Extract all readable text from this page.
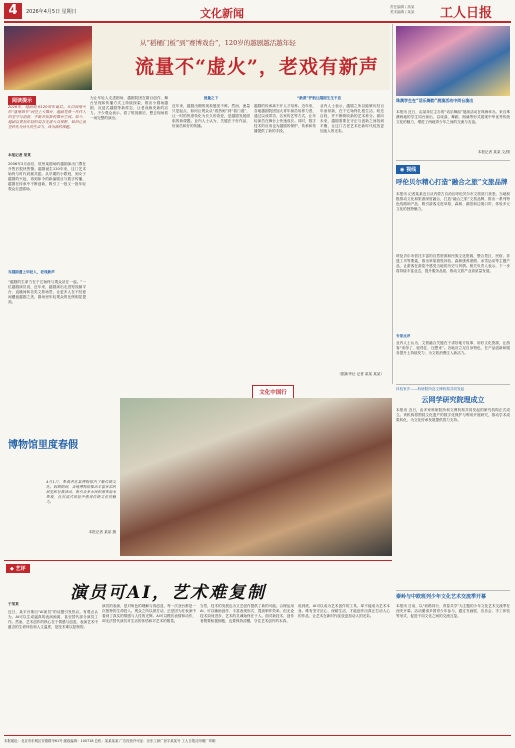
4	2026年4月5日 星期日	文化新闻	责任编辑 / 高某
美术编辑 / 某某 工人日报
从“稻桶门板”到“赛博戏台”，120岁的越剧越活越年轻
流量不“虚火”，老戏有新声
阅读提示
2026年，越剧迎来120周年诞辰。从田间地头的“落地唱书”到登上大舞台，越剧凭借一代代人的坚守与创新，不断开拓新的舞台空间。如今，越剧以更加年轻的姿态走进大众视野，如何让流量转化为持久的生命力，成为新的课题。
本报记者 某某
2006年3月前后，杭州某剧场的越剧演出门票在开售后很快售罄。越剧诞生120年来，这门艺术始终与时代同频共振。从早期的小歌班，到女子越剧的兴起，再到如今的新编剧目与数字传播，越剧在传承中不断创新，吸引了一批又一批年轻观众走进剧场。
当越剧遇上年轻人，老戏新声
“越剧的生命力在于它始终与观众站在一起。”一位越剧演员说，近年来，越剧演出走进短视频平台、直播间和各类文旅场景，让更多人在不经意间邂逅越剧之美，剧场里年轻观众的比例明显提高。
为让年轻人走进剧场，越剧院团在剧目创作、舞台呈现和传播方式上持续探索，推出小剧场越剧、沉浸式越剧等新样态，让老戏焕发新的活力。不少观众表示，看了短视频后，想去现场看一场完整的演出。
流量之下
近年来，越剧出圈的现象屡见不鲜。然而，流量只是起点，如何让观众从“看热闹”到“看门道”，让一时的热度转化为长久的喜爱，是越剧发展面临的新课题。业内人士认为，关键在于好作品、好演员和好的传播。
“新质”护航让越剧生生不息
越剧的传承离不开人才培养。近年来，各地越剧院团加大青年演员培养力度，通过以戏带功、名家传艺等方式，让年轻演员在舞台上快速成长。同时，数字技术的应用也为越剧的保护、传承和传播提供了新的手段。
业内人士表示，越剧之所以能够历经百年而常新，在于它始终扎根生活、贴近百姓，并不断吸收新的艺术养分。面向未来，越剧需要在守正与创新之间找到平衡，让这门古老艺术在新时代绽放更加迷人的光彩。
（据新华社 记者 某某 某某）
珠澳学生在“话乐舞韵”展演活动中同台演出
本报讯 近日，由某单位主办的“话乐舞韵”展演活动在珠海举办。来自珠澳两地的学生同台演出，以戏曲、舞蹈、朗诵等形式展现中华优秀传统文化的魅力，增进了两地青少年之间的交流与友谊。
本报记者 某某 文/图
◉ 视线
呼伦贝尔精心打造“融合之旅”文旅品牌
本报讯 记者某某近日从内蒙古自治区呼伦贝尔市文旅部门获悉，当地积极推动文化和旅游深度融合，打造“融合之旅”文旅品牌，推出一系列特色线路和产品，吸引游客走进草原、森林、湖泊和边境口岸，体验多元文化的独特魅力。
呼伦贝尔市依托丰富的自然资源和民族文化资源，整合景区、民宿、非遗工坊等要素，推出草原游牧体验、森林康养度假、冰雪运动等主题产品，让游客在游览中感受当地的历史与风情。相关负责人表示，下一步将持续丰富业态，提升服务品质，推动文旅产业高质量发展。
专家点评
业内人士认为，文旅融合关键在于讲好地方故事、用好文化资源，让游客“来得了、留得住、还想来”。各地应立足自身特色，在产品创新和服务提升上持续发力，为文旅消费注入新活力。
体验家乡——科研院所及文博机构共同发起
云网学研究院理成立
本报讯 近日，由多家科研院所和文博机构共同发起的研究机构正式成立。该机构将围绕文化遗产的数字化保护与利用开展研究，推动学术成果转化，为文化传承发展提供智力支持。
秦岭与中欧班列少年文化艺术交流季开幕
本报讯 日前，以“丝路同行、青春共享”为主题的少年文化艺术交流季在西安开幕。活动邀请多国青少年参与，通过书画展、音乐会、手工体验等形式，促进不同文化之间的交流互鉴。
文化中国行
博物馆里度春假
4月1日，参观者在某博物馆内了解传统文化。假期期间，各地博物馆推出丰富多彩的展览和社教活动，吸引众多市民和游客前来参观，在沉浸式体验中感受传统文化的魅力。
本报记者 某某 摄
◆ 艺评
演员可AI，艺术难复制
于某某
近日，某平台推出“AI演员”的话题引发热议。有观点认为，AI可以生成逼真的表演画面，甚至替代部分演员工作。然而，艺术创作的核心在于情感与创造，表演艺术中蕴含的生命体验和人文温度，是技术难以复制的。
演员的表演，是对角色的理解与再创造，每一次登台都是一次独特的生命投入。观众之所以被打动，正是因为在表演中看到了真实的情感与人性的光辉。AI可以模仿表情和动作，却无法替代演员对生活的体悟和对艺术的敬畏。
当然，技术的发展也为文艺创作提供了新的可能。合理运用AI，可以辅助创作、丰富表现形式、提高制作效率。但无论技术如何进步，艺术的灵魂始终在于人。面对新技术，创作者既要积极拥抱，也要保持清醒，守住艺术创作的本真。
说到底，AI可以成为艺术创作的工具，却不能成为艺术本身。唯有坚守匠心、深耕生活，才能创作出真正打动人心的作品，让艺术在新时代绽放更加动人的光彩。
本报地址：北京市东城区安德路甲61号 邮政编码：100718 总机：某某某某 广告经营许可证：京东工商广登字某某号 工人日报社印刷厂印刷
